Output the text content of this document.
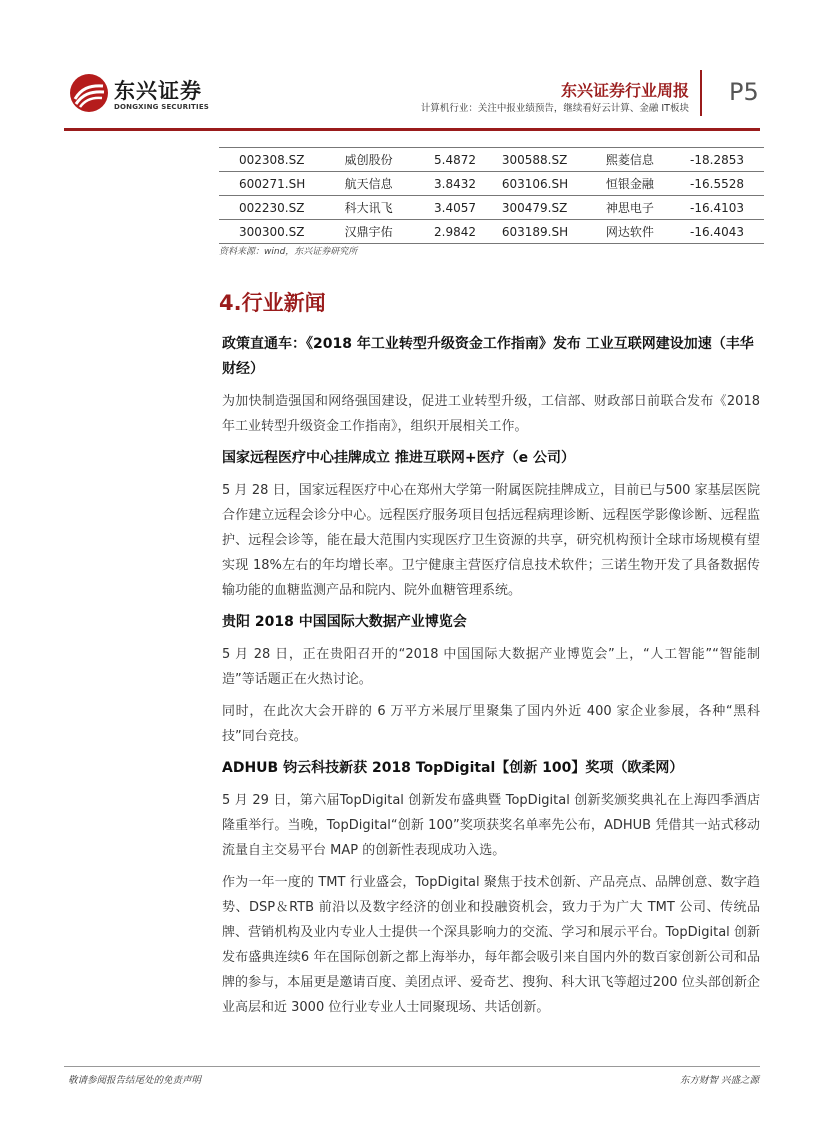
东兴证券
DONGXING SECURITIES
东兴证券行业周报
计算机行业：关注中报业绩预告，继续看好云计算、金融 IT板块
P5
002308.SZ	威创股份	5.4872	300588.SZ	熙菱信息	-18.2853
600271.SH	航天信息	3.8432	603106.SH	恒银金融	-16.5528
002230.SZ	科大讯飞	3.4057	300479.SZ	神思电子	-16.4103
300300.SZ	汉鼎宇佑	2.9842	603189.SH	网达软件	-16.4043
资料来源：wind，东兴证券研究所
4.行业新闻

政策直通车：《2018 年工业转型升级资金工作指南》发布 工业互联网建设加速（丰华财经）

为加快制造强国和网络强国建设，促进工业转型升级，工信部、财政部日前联合发布《2018 年工业转型升级资金工作指南》，组织开展相关工作。

国家远程医疗中心挂牌成立 推进互联网+医疗（e 公司）

5 月 28 日，国家远程医疗中心在郑州大学第一附属医院挂牌成立，目前已与500 家基层医院合作建立远程会诊分中心。远程医疗服务项目包括远程病理诊断、远程医学影像诊断、远程监护、远程会诊等，能在最大范围内实现医疗卫生资源的共享，研究机构预计全球市场规模有望实现 18%左右的年均增长率。卫宁健康主营医疗信息技术软件；三诺生物开发了具备数据传输功能的血糖监测产品和院内、院外血糖管理系统。

贵阳 2018 中国国际大数据产业博览会

5 月 28 日，正在贵阳召开的“2018 中国国际大数据产业博览会”上，“人工智能”“智能制造”等话题正在火热讨论。

同时，在此次大会开辟的 6 万平方米展厅里聚集了国内外近 400 家企业参展，各种“黑科技”同台竞技。

ADHUB 钧云科技新获 2018 TopDigital【创新 100】奖项（欧柔网）

5 月 29 日，第六届TopDigital 创新发布盛典暨 TopDigital 创新奖颁奖典礼在上海四季酒店隆重举行。当晚，TopDigital“创新 100”奖项获奖名单率先公布，ADHUB 凭借其一站式移动流量自主交易平台 MAP 的创新性表现成功入选。

作为一年一度的 TMT 行业盛会，TopDigital 聚焦于技术创新、产品亮点、品牌创意、数字趋势、DSP＆RTB 前沿以及数字经济的创业和投融资机会，致力于为广大 TMT 公司、传统品牌、营销机构及业内专业人士提供一个深具影响力的交流、学习和展示平台。TopDigital 创新发布盛典连续6 年在国际创新之都上海举办，每年都会吸引来自国内外的数百家创新公司和品牌的参与，本届更是邀请百度、美团点评、爱奇艺、搜狗、科大讯飞等超过200 位头部创新企业高层和近 3000 位行业专业人士同聚现场、共话创新。

敬请参阅报告结尾处的免责声明	东方财智 兴盛之源
